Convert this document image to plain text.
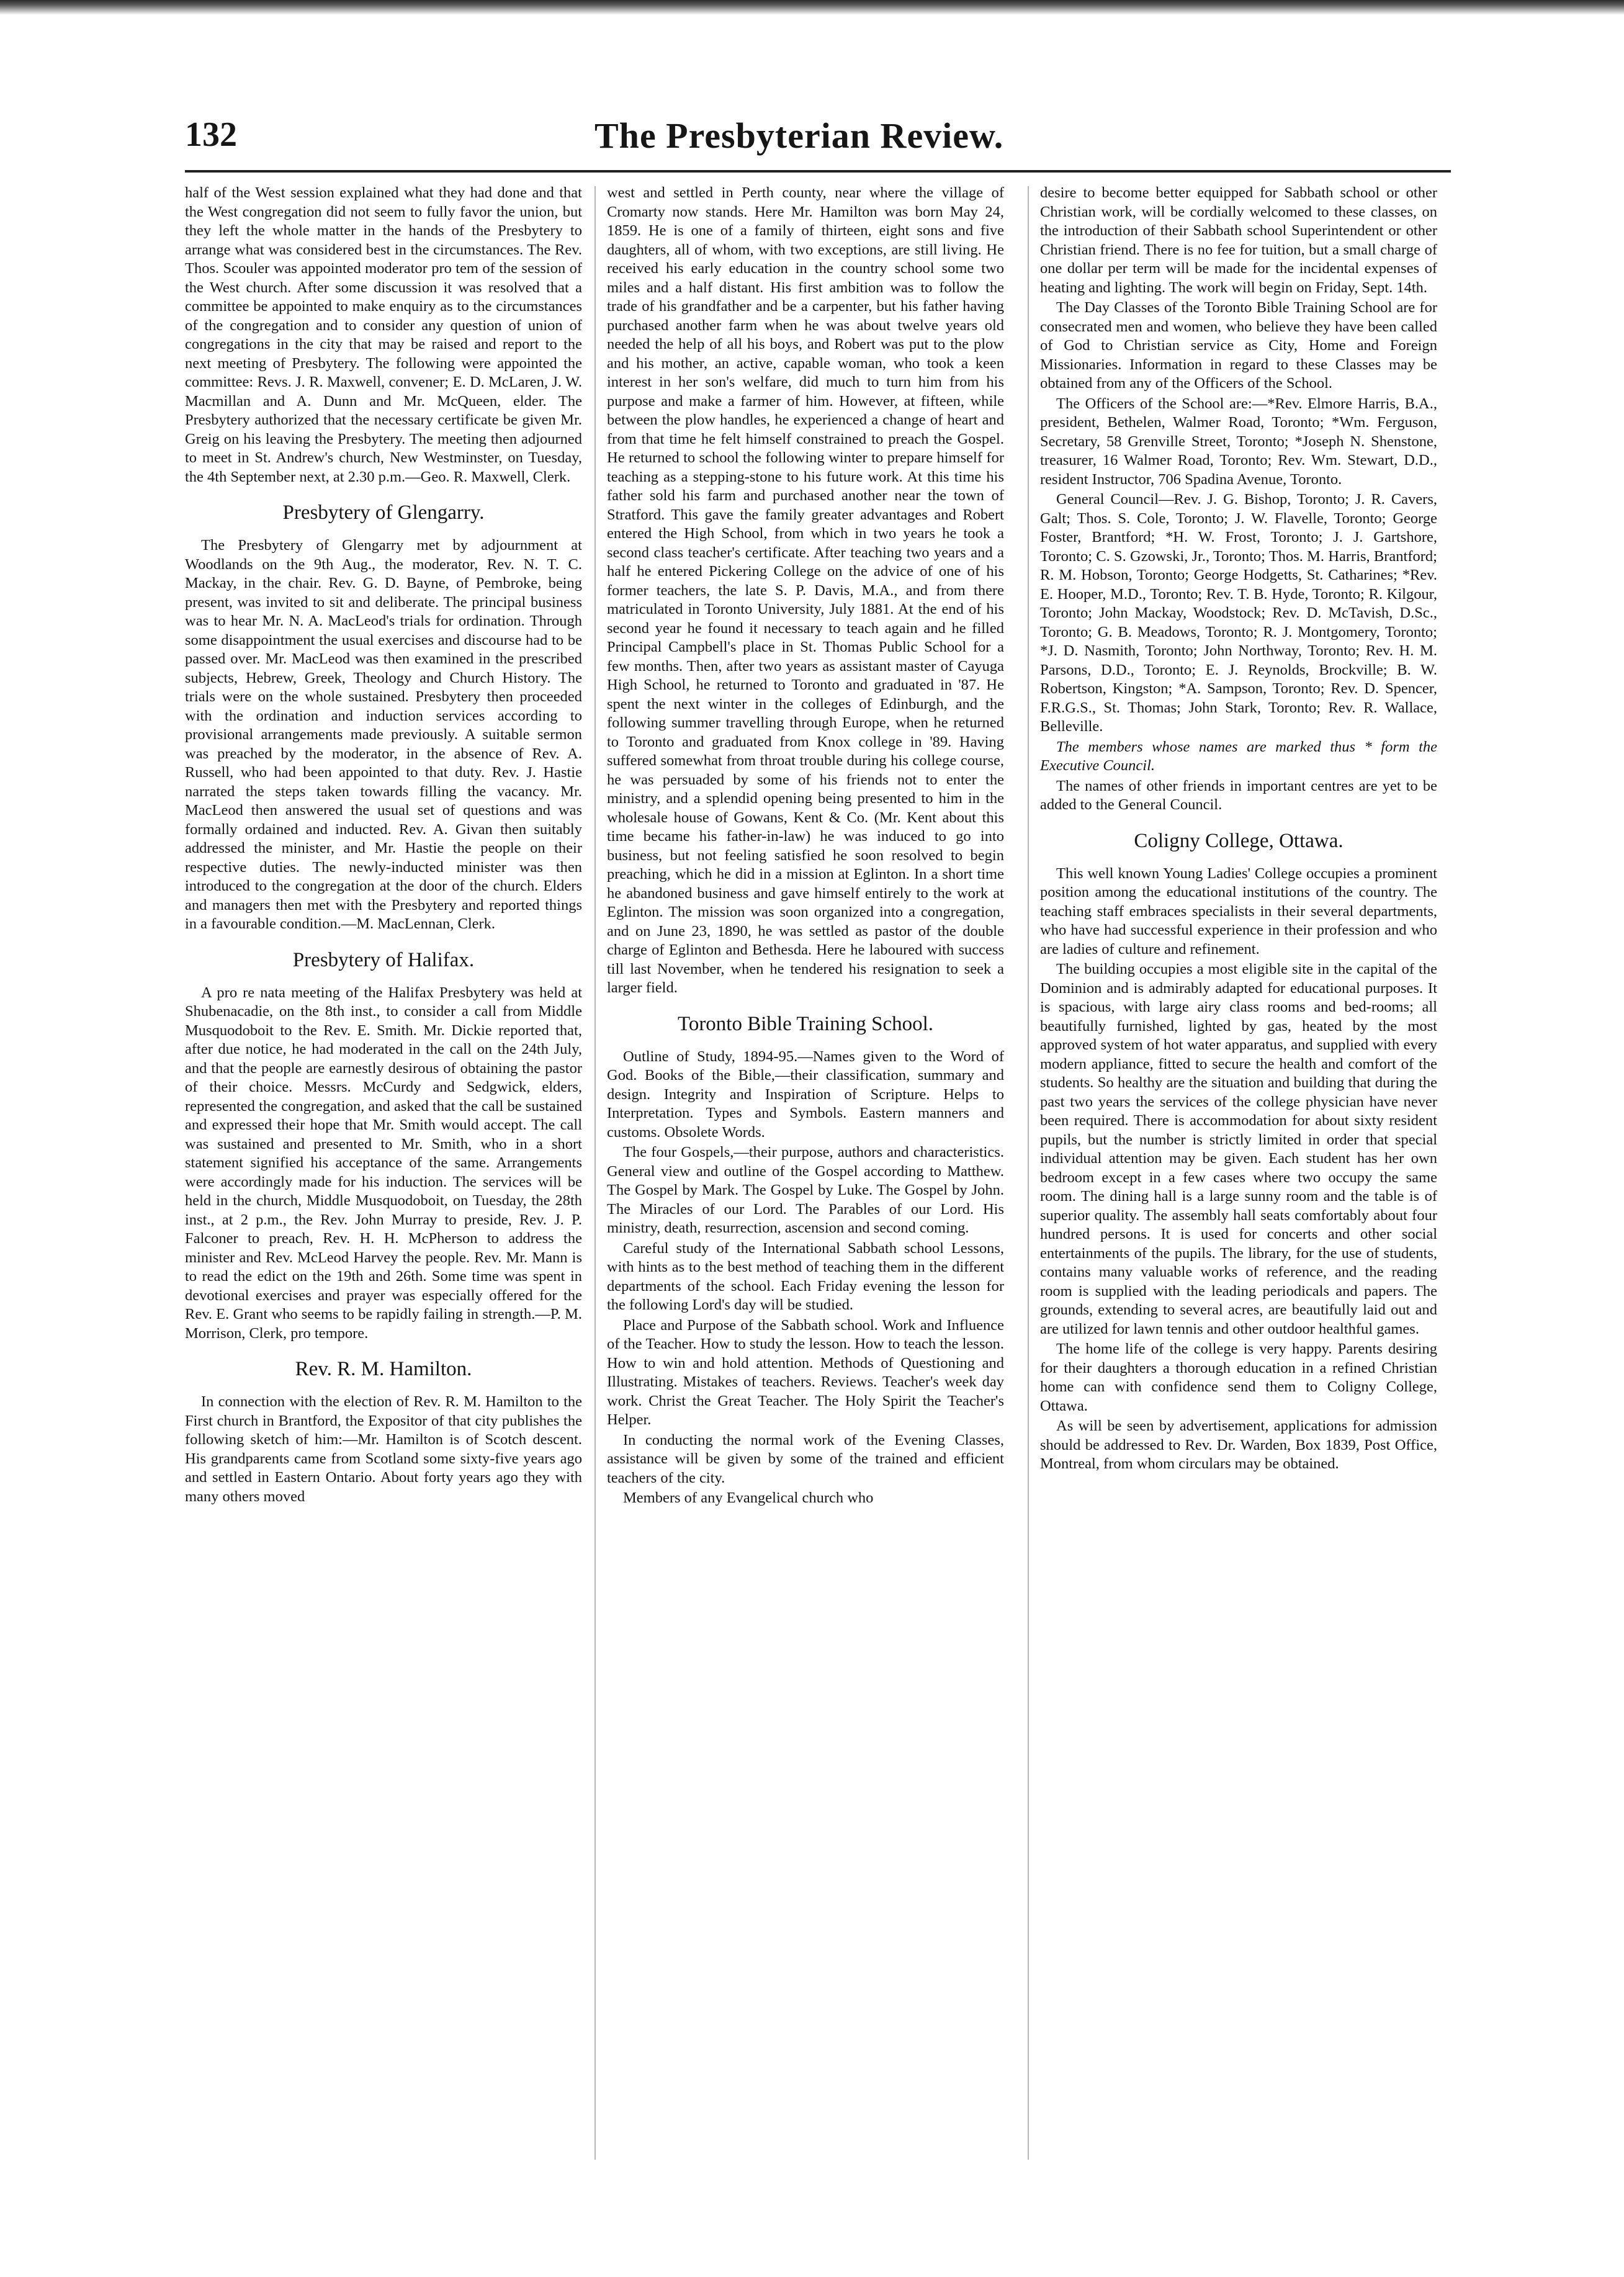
132	The Presbyterian Review.

half of the West session explained what they had done and that the West congregation did not seem to fully favor the union, but they left the whole matter in the hands of the Presbytery to arrange what was considered best in the circumstances. The Rev. Thos. Scouler was appointed moderator pro tem of the session of the West church. After some discussion it was resolved that a committee be appointed to make enquiry as to the circumstances of the congregation and to consider any question of union of congregations in the city that may be raised and report to the next meeting of Presbytery. The following were appointed the committee: Revs. J. R. Maxwell, convener; E. D. McLaren, J. W. Macmillan and A. Dunn and Mr. McQueen, elder. The Presbytery authorized that the necessary certificate be given Mr. Greig on his leaving the Presbytery. The meeting then adjourned to meet in St. Andrew's church, New Westminster, on Tuesday, the 4th September next, at 2.30 p.m.—Geo. R. Maxwell, Clerk.

Presbytery of Glengarry.

The Presbytery of Glengarry met by adjournment at Woodlands on the 9th Aug., the moderator, Rev. N. T. C. Mackay, in the chair. Rev. G. D. Bayne, of Pembroke, being present, was invited to sit and deliberate. The principal business was to hear Mr. N. A. MacLeod's trials for ordination. Through some disappointment the usual exercises and discourse had to be passed over. Mr. MacLeod was then examined in the prescribed subjects, Hebrew, Greek, Theology and Church History. The trials were on the whole sustained. Presbytery then proceeded with the ordination and induction services according to provisional arrangements made previously. A suitable sermon was preached by the moderator, in the absence of Rev. A. Russell, who had been appointed to that duty. Rev. J. Hastie narrated the steps taken towards filling the vacancy. Mr. MacLeod then answered the usual set of questions and was formally ordained and inducted. Rev. A. Givan then suitably addressed the minister, and Mr. Hastie the people on their respective duties. The newly-inducted minister was then introduced to the congregation at the door of the church. Elders and managers then met with the Presbytery and reported things in a favourable condition.—M. MacLennan, Clerk.

Presbytery of Halifax.

A pro re nata meeting of the Halifax Presbytery was held at Shubenacadie, on the 8th inst., to consider a call from Middle Musquodoboit to the Rev. E. Smith. Mr. Dickie reported that, after due notice, he had moderated in the call on the 24th July, and that the people are earnestly desirous of obtaining the pastor of their choice. Messrs. McCurdy and Sedgwick, elders, represented the congregation, and asked that the call be sustained and expressed their hope that Mr. Smith would accept. The call was sustained and presented to Mr. Smith, who in a short statement signified his acceptance of the same. Arrangements were accordingly made for his induction. The services will be held in the church, Middle Musquodoboit, on Tuesday, the 28th inst., at 2 p.m., the Rev. John Murray to preside, Rev. J. P. Falconer to preach, Rev. H. H. McPherson to address the minister and Rev. McLeod Harvey the people. Rev. Mr. Mann is to read the edict on the 19th and 26th. Some time was spent in devotional exercises and prayer was especially offered for the Rev. E. Grant who seems to be rapidly failing in strength.—P. M. Morrison, Clerk, pro tempore.

Rev. R. M. Hamilton.

In connection with the election of Rev. R. M. Hamilton to the First church in Brantford, the Expositor of that city publishes the following sketch of him:—Mr. Hamilton is of Scotch descent. His grandparents came from Scotland some sixty-five years ago and settled in Eastern Ontario. About forty years ago they with many others moved

west and settled in Perth county, near where the village of Cromarty now stands. Here Mr. Hamilton was born May 24, 1859. He is one of a family of thirteen, eight sons and five daughters, all of whom, with two exceptions, are still living. He received his early education in the country school some two miles and a half distant. His first ambition was to follow the trade of his grandfather and be a carpenter, but his father having purchased another farm when he was about twelve years old needed the help of all his boys, and Robert was put to the plow and his mother, an active, capable woman, who took a keen interest in her son's welfare, did much to turn him from his purpose and make a farmer of him. However, at fifteen, while between the plow handles, he experienced a change of heart and from that time he felt himself constrained to preach the Gospel. He returned to school the following winter to prepare himself for teaching as a stepping-stone to his future work. At this time his father sold his farm and purchased another near the town of Stratford. This gave the family greater advantages and Robert entered the High School, from which in two years he took a second class teacher's certificate. After teaching two years and a half he entered Pickering College on the advice of one of his former teachers, the late S. P. Davis, M.A., and from there matriculated in Toronto University, July 1881. At the end of his second year he found it necessary to teach again and he filled Principal Campbell's place in St. Thomas Public School for a few months. Then, after two years as assistant master of Cayuga High School, he returned to Toronto and graduated in '87. He spent the next winter in the colleges of Edinburgh, and the following summer travelling through Europe, when he returned to Toronto and graduated from Knox college in '89. Having suffered somewhat from throat trouble during his college course, he was persuaded by some of his friends not to enter the ministry, and a splendid opening being presented to him in the wholesale house of Gowans, Kent & Co. (Mr. Kent about this time became his father-in-law) he was induced to go into business, but not feeling satisfied he soon resolved to begin preaching, which he did in a mission at Eglinton. In a short time he abandoned business and gave himself entirely to the work at Eglinton. The mission was soon organized into a congregation, and on June 23, 1890, he was settled as pastor of the double charge of Eglinton and Bethesda. Here he laboured with success till last November, when he tendered his resignation to seek a larger field.

Toronto Bible Training School.

Outline of Study, 1894-95.—Names given to the Word of God. Books of the Bible,—their classification, summary and design. Integrity and Inspiration of Scripture. Helps to Interpretation. Types and Symbols. Eastern manners and customs. Obsolete Words.

The four Gospels,—their purpose, authors and characteristics. General view and outline of the Gospel according to Matthew. The Gospel by Mark. The Gospel by Luke. The Gospel by John. The Miracles of our Lord. The Parables of our Lord. His ministry, death, resurrection, ascension and second coming.

Careful study of the International Sabbath school Lessons, with hints as to the best method of teaching them in the different departments of the school. Each Friday evening the lesson for the following Lord's day will be studied.

Place and Purpose of the Sabbath school. Work and Influence of the Teacher. How to study the lesson. How to teach the lesson. How to win and hold attention. Methods of Questioning and Illustrating. Mistakes of teachers. Reviews. Teacher's week day work. Christ the Great Teacher. The Holy Spirit the Teacher's Helper.

In conducting the normal work of the Evening Classes, assistance will be given by some of the trained and efficient teachers of the city.

Members of any Evangelical church who

desire to become better equipped for Sabbath school or other Christian work, will be cordially welcomed to these classes, on the introduction of their Sabbath school Superintendent or other Christian friend. There is no fee for tuition, but a small charge of one dollar per term will be made for the incidental expenses of heating and lighting. The work will begin on Friday, Sept. 14th.

The Day Classes of the Toronto Bible Training School are for consecrated men and women, who believe they have been called of God to Christian service as City, Home and Foreign Missionaries. Information in regard to these Classes may be obtained from any of the Officers of the School.

The Officers of the School are:—*Rev. Elmore Harris, B.A., president, Bethelen, Walmer Road, Toronto; *Wm. Ferguson, Secretary, 58 Grenville Street, Toronto; *Joseph N. Shenstone, treasurer, 16 Walmer Road, Toronto; Rev. Wm. Stewart, D.D., resident Instructor, 706 Spadina Avenue, Toronto.

General Council—Rev. J. G. Bishop, Toronto; J. R. Cavers, Galt; Thos. S. Cole, Toronto; J. W. Flavelle, Toronto; George Foster, Brantford; *H. W. Frost, Toronto; J. J. Gartshore, Toronto; C. S. Gzowski, Jr., Toronto; Thos. M. Harris, Brantford; R. M. Hobson, Toronto; George Hodgetts, St. Catharines; *Rev. E. Hooper, M.D., Toronto; Rev. T. B. Hyde, Toronto; R. Kilgour, Toronto; John Mackay, Woodstock; Rev. D. McTavish, D.Sc., Toronto; G. B. Meadows, Toronto; R. J. Montgomery, Toronto; *J. D. Nasmith, Toronto; John Northway, Toronto; Rev. H. M. Parsons, D.D., Toronto; E. J. Reynolds, Brockville; B. W. Robertson, Kingston; *A. Sampson, Toronto; Rev. D. Spencer, F.R.G.S., St. Thomas; John Stark, Toronto; Rev. R. Wallace, Belleville.

The members whose names are marked thus * form the Executive Council.

The names of other friends in important centres are yet to be added to the General Council.

Coligny College, Ottawa.

This well known Young Ladies' College occupies a prominent position among the educational institutions of the country. The teaching staff embraces specialists in their several departments, who have had successful experience in their profession and who are ladies of culture and refinement.

The building occupies a most eligible site in the capital of the Dominion and is admirably adapted for educational purposes. It is spacious, with large airy class rooms and bed-rooms; all beautifully furnished, lighted by gas, heated by the most approved system of hot water apparatus, and supplied with every modern appliance, fitted to secure the health and comfort of the students. So healthy are the situation and building that during the past two years the services of the college physician have never been required. There is accommodation for about sixty resident pupils, but the number is strictly limited in order that special individual attention may be given. Each student has her own bedroom except in a few cases where two occupy the same room. The dining hall is a large sunny room and the table is of superior quality. The assembly hall seats comfortably about four hundred persons. It is used for concerts and other social entertainments of the pupils. The library, for the use of students, contains many valuable works of reference, and the reading room is supplied with the leading periodicals and papers. The grounds, extending to several acres, are beautifully laid out and are utilized for lawn tennis and other outdoor healthful games.

The home life of the college is very happy. Parents desiring for their daughters a thorough education in a refined Christian home can with confidence send them to Coligny College, Ottawa.

As will be seen by advertisement, applications for admission should be addressed to Rev. Dr. Warden, Box 1839, Post Office, Montreal, from whom circulars may be obtained.
